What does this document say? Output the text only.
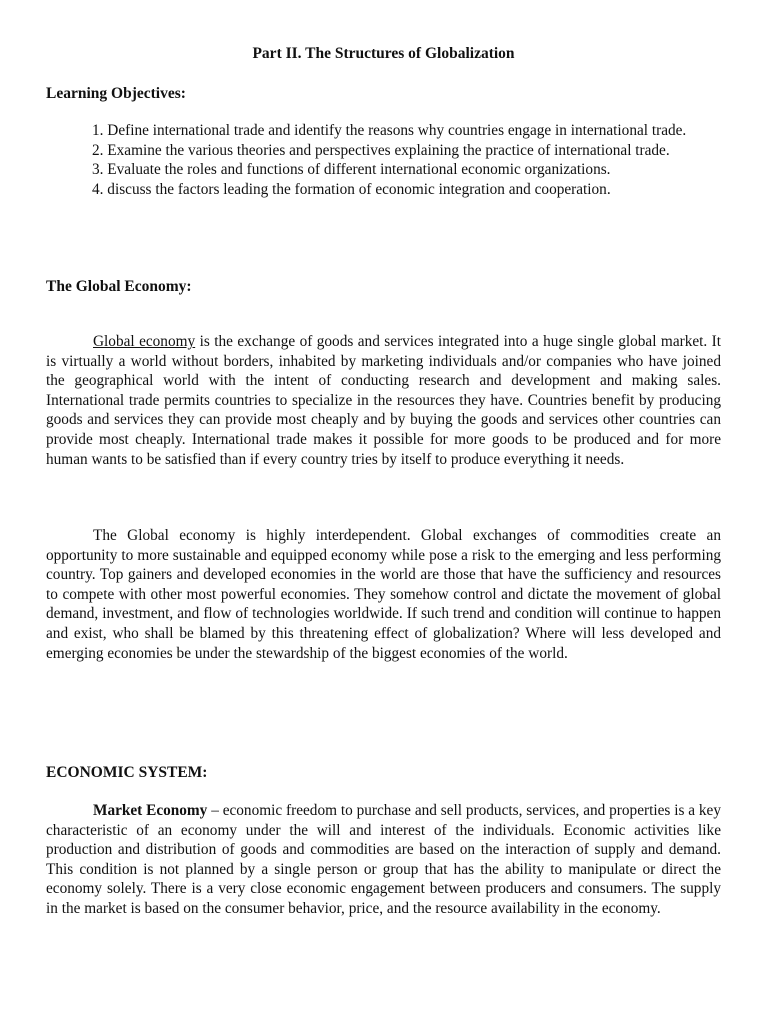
Part II. The Structures of Globalization
Learning Objectives:

1. Define international trade and identify the reasons why countries engage in international trade.

2. Examine the various theories and perspectives explaining the practice of international trade.

3. Evaluate the roles and functions of different international economic organizations.

4. discuss the factors leading the formation of economic integration and cooperation.

The Global Economy:

Global economy is the exchange of goods and services integrated into a huge single global market. It is virtually a world without borders, inhabited by marketing individuals and/or companies who have joined the geographical world with the intent of conducting research and development and making sales. International trade permits countries to specialize in the resources they have. Countries benefit by producing goods and services they can provide most cheaply and by buying the goods and services other countries can provide most cheaply. International trade makes it possible for more goods to be produced and for more human wants to be satisfied than if every country tries by itself to produce everything it needs.

The Global economy is highly interdependent. Global exchanges of commodities create an opportunity to more sustainable and equipped economy while pose a risk to the emerging and less performing country. Top gainers and developed economies in the world are those that have the sufficiency and resources to compete with other most powerful economies. They somehow control and dictate the movement of global demand, investment, and flow of technologies worldwide. If such trend and condition will continue to happen and exist, who shall be blamed by this threatening effect of globalization? Where will less developed and emerging economies be under the stewardship of the biggest economies of the world.

ECONOMIC SYSTEM:

Market Economy – economic freedom to purchase and sell products, services, and properties is a key characteristic of an economy under the will and interest of the individuals. Economic activities like production and distribution of goods and commodities are based on the interaction of supply and demand. This condition is not planned by a single person or group that has the ability to manipulate or direct the economy solely. There is a very close economic engagement between producers and consumers. The supply in the market is based on the consumer behavior, price, and the resource availability in the economy.
